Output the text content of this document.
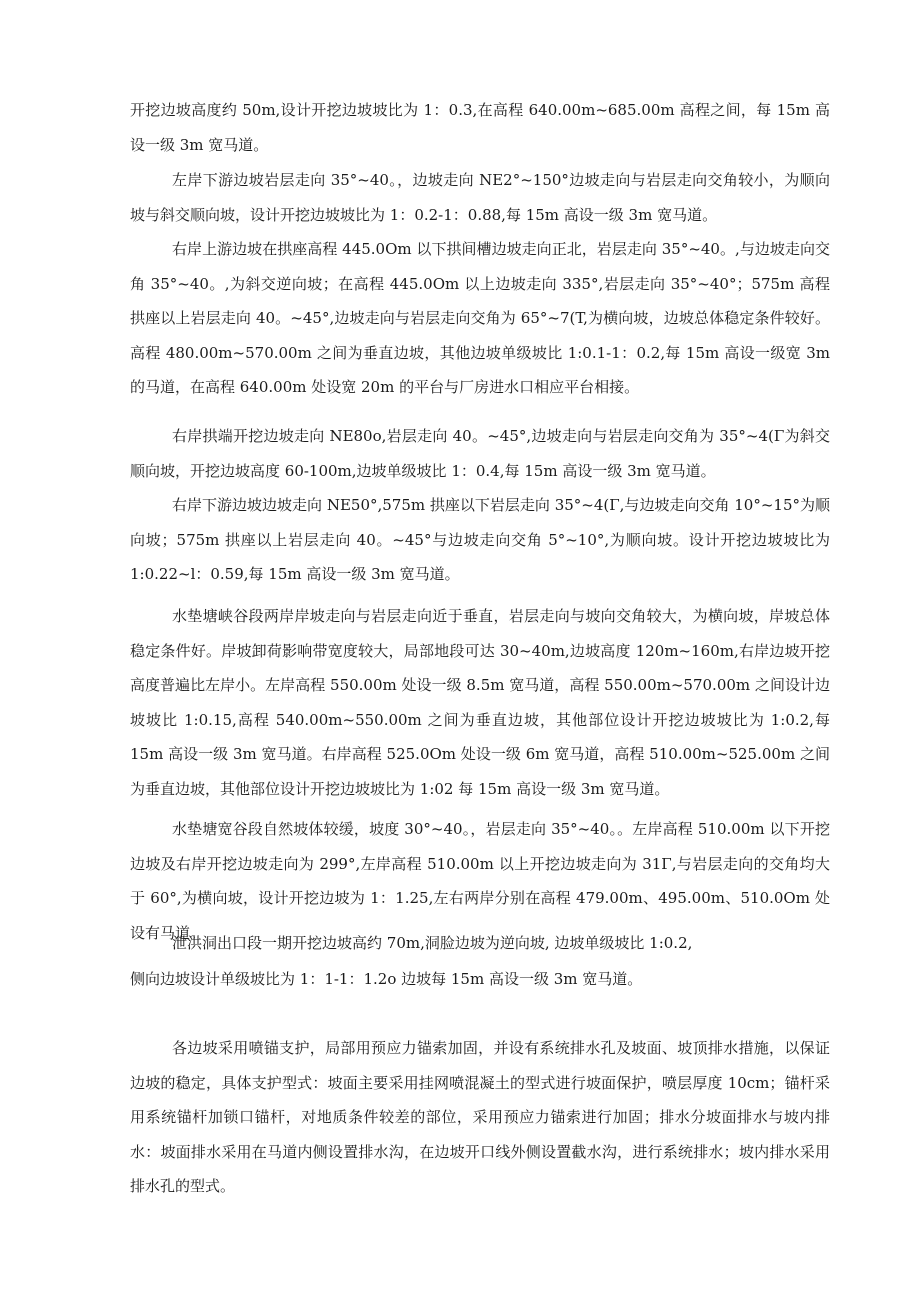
开挖边坡高度约 50m,设计开挖边坡坡比为 1：0.3,在高程 640.00m~685.00m 高程之间，每 15m 高设一级 3m 宽马道。

左岸下游边坡岩层走向 35°~40。，边坡走向 NE2°~150°边坡走向与岩层走向交角较小，为顺向坡与斜交顺向坡，设计开挖边坡坡比为 1：0.2-1：0.88,每 15m 高设一级 3m 宽马道。

右岸上游边坡在拱座高程 445.0Om 以下拱间槽边坡走向正北，岩层走向 35°~40。,与边坡走向交角 35°~40。,为斜交逆向坡；在高程 445.0Om 以上边坡走向 335°,岩层走向 35°~40°；575m 高程拱座以上岩层走向 40。~45°,边坡走向与岩层走向交角为 65°~7(T,为横向坡，边坡总体稳定条件较好。高程 480.00m~570.00m 之间为垂直边坡，其他边坡单级坡比 1:0.1-1：0.2,每 15m 高设一级宽 3m 的马道，在高程 640.00m 处设宽 20m 的平台与厂房进水口相应平台相接。

右岸拱端开挖边坡走向 NE80o,岩层走向 40。~45°,边坡走向与岩层走向交角为 35°~4(Γ为斜交顺向坡，开挖边坡高度 60-100m,边坡单级坡比 1：0.4,每 15m 高设一级 3m 宽马道。

右岸下游边坡边坡走向 NE50°,575m 拱座以下岩层走向 35°~4(Γ,与边坡走向交角 10°~15°为顺向坡；575m 拱座以上岩层走向 40。~45°与边坡走向交角 5°~10°,为顺向坡。设计开挖边坡坡比为 1:0.22~l：0.59,每 15m 高设一级 3m 宽马道。

水垫塘峡谷段两岸岸坡走向与岩层走向近于垂直，岩层走向与坡向交角较大，为横向坡，岸坡总体稳定条件好。岸坡卸荷影响带宽度较大，局部地段可达 30~40m,边坡高度 120m~160m,右岸边坡开挖高度普遍比左岸小。左岸高程 550.00m 处设一级 8.5m 宽马道，高程 550.00m~570.00m 之间设计边坡坡比 1:0.15,高程 540.00m~550.00m 之间为垂直边坡，其他部位设计开挖边坡坡比为 1:0.2,每 15m 高设一级 3m 宽马道。右岸高程 525.0Om 处设一级 6m 宽马道，高程 510.00m~525.00m 之间为垂直边坡，其他部位设计开挖边坡坡比为 1:02 每 15m 高设一级 3m 宽马道。

水垫塘宽谷段自然坡体较缓，坡度 30°~40。，岩层走向 35°~40。。左岸高程 510.00m 以下开挖边坡及右岸开挖边坡走向为 299°,左岸高程 510.00m 以上开挖边坡走向为 31Γ,与岩层走向的交角均大于 60°,为横向坡，设计开挖边坡为 1：1.25,左右两岸分别在高程 479.00m、495.00m、510.0Om 处设有马道。

泄洪洞出口段一期开挖边坡高约 70m,洞脸边坡为逆向坡, 边坡单级坡比 1:0.2,

侧向边坡设计单级坡比为 1：1-1：1.2o 边坡每 15m 高设一级 3m 宽马道。

各边坡采用喷锚支护，局部用预应力锚索加固，并设有系统排水孔及坡面、坡顶排水措施，以保证边坡的稳定，具体支护型式：坡面主要采用挂网喷混凝土的型式进行坡面保护，喷层厚度 10cm；锚杆采用系统锚杆加锁口锚杆，对地质条件较差的部位，采用预应力锚索进行加固；排水分坡面排水与坡内排水：坡面排水采用在马道内侧设置排水沟，在边坡开口线外侧设置截水沟，进行系统排水；坡内排水采用排水孔的型式。
